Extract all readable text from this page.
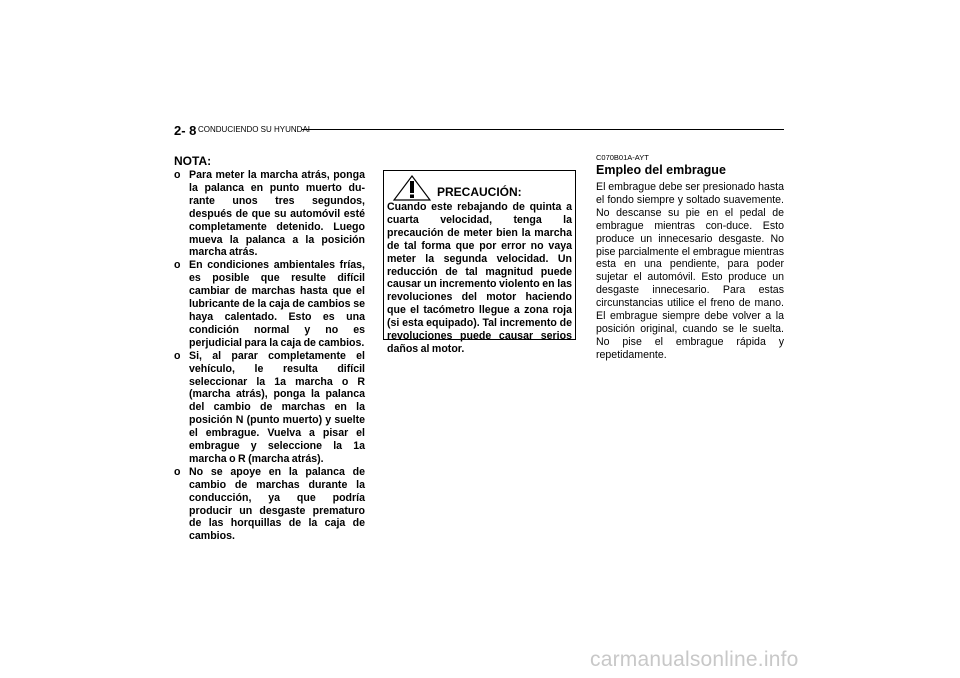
2- 8 CONDUCIENDO SU HYUNDAI
NOTA:
o Para meter la marcha atrás, ponga la palanca en punto muerto du-rante unos tres segundos, después de que su automóvil esté completamente detenido. Luego mueva la palanca a la posición marcha atrás.
o En condiciones ambientales frías, es posible que resulte difícil cambiar de marchas hasta que el lubricante de la caja de cambios se haya calentado. Esto es una condición normal y no es perjudicial para la caja de cambios.
o Si, al parar completamente el vehículo, le resulta difícil seleccionar la 1a marcha o R (marcha atrás), ponga la palanca del cambio de marchas en la posición N (punto muerto) y suelte el embrague. Vuelva a pisar el embrague y seleccione la 1a marcha o R (marcha atrás).
o No se apoye en la palanca de cambio de marchas durante la conducción, ya que podría producir un desgaste prematuro de las horquillas de la caja de cambios.
PRECAUCIÓN:
Cuando este rebajando de quinta a cuarta velocidad, tenga la precaución de meter bien la marcha de tal forma que por error no vaya meter la segunda velocidad. Un reducción de tal magnitud puede causar un incremento violento en las revoluciones del motor haciendo que el tacómetro llegue a zona roja (si esta equipado). Tal incremento de revoluciones puede causar serios daños al motor.
C070B01A-AYT
Empleo del embrague
El embrague debe ser presionado hasta el fondo siempre y soltado suavemente. No descanse su pie en el pedal de embrague mientras con-duce. Esto produce un innecesario desgaste. No pise parcialmente el embrague mientras esta en una pendiente, para poder sujetar el automóvil. Esto produce un desgaste innecesario. Para estas circunstancias utilice el freno de mano. El embrague siempre debe volver a la posición original, cuando se le suelta. No pise el embrague rápida y repetidamente.
carmanualsonline.info
